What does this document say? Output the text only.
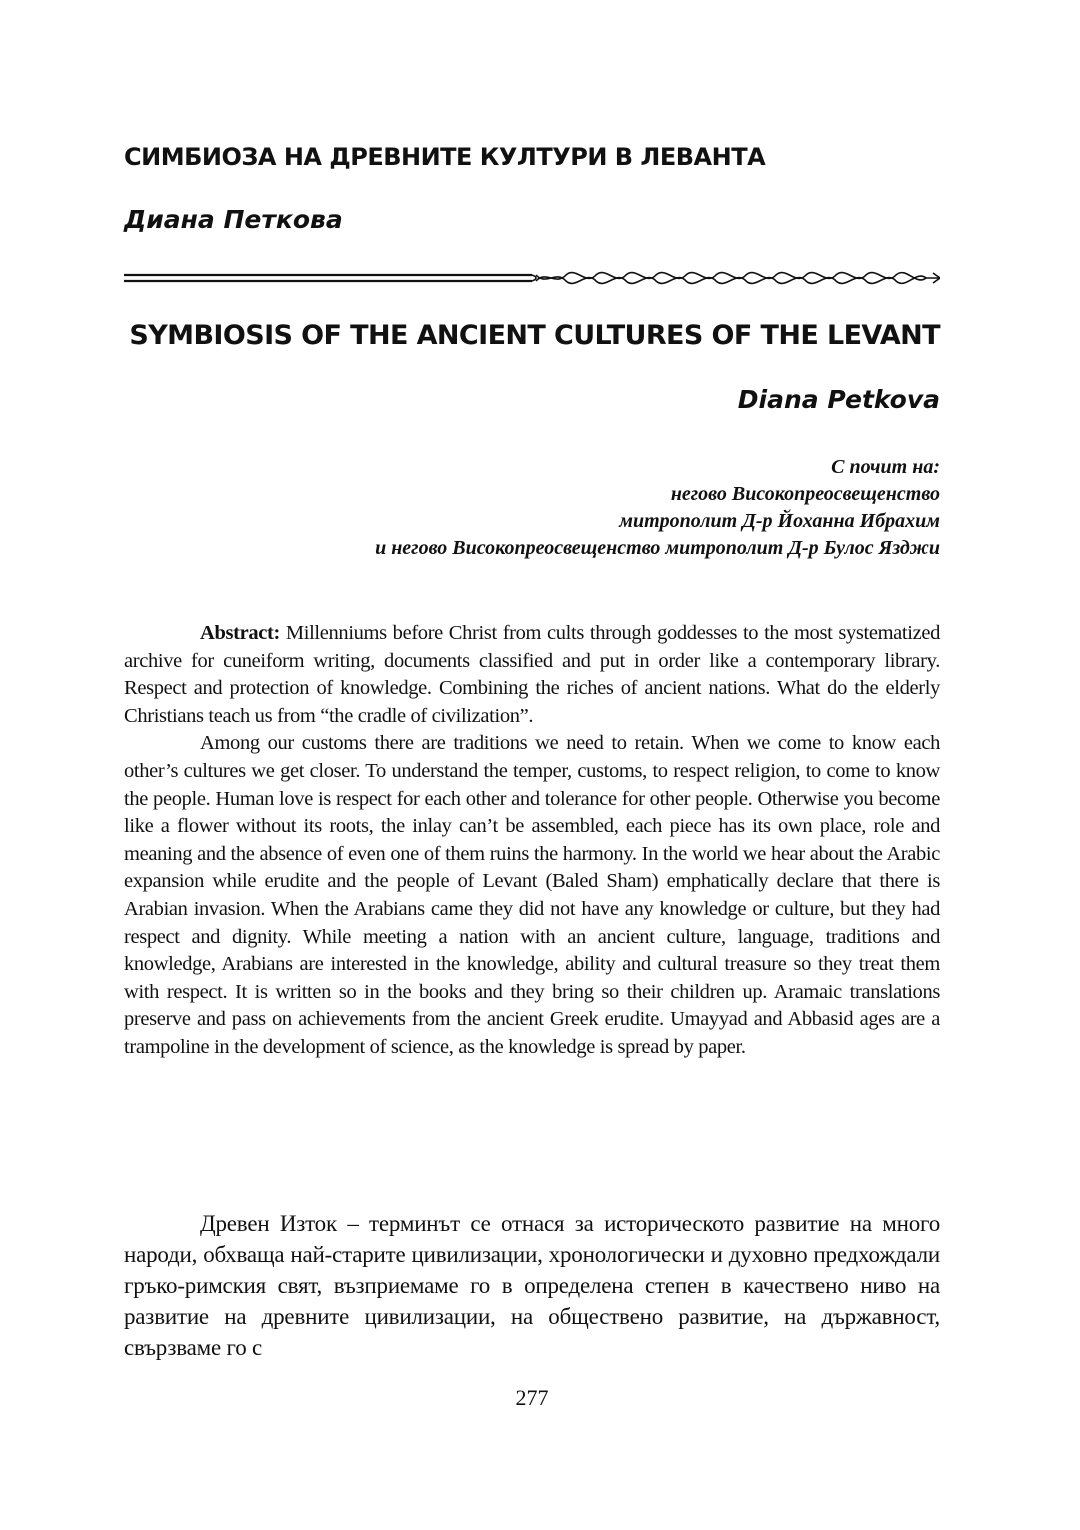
СИМБИОЗА НА ДРЕВНИТЕ КУЛТУРИ В ЛЕВАНТА
Диана Петкова
SYMBIOSIS OF THE ANCIENT CULTURES OF THE LEVANT
Diana Petkova
С почит на:
негово Високопреосвещенство
митрополит Д-р Йоханна Ибрахим
и негово Високопреосвещенство митрополит Д-р Булос Язджи

Abstract: Millenniums before Christ from cults through goddesses to the most systematized archive for cuneiform writing, documents classified and put in order like a contemporary library. Respect and protection of knowledge. Combining the riches of ancient nations. What do the elderly Christians teach us from “the cradle of civilization”.

Among our customs there are traditions we need to retain. When we come to know each other’s cultures we get closer. To understand the temper, customs, to respect religion, to come to know the people. Human love is respect for each other and tolerance for other people. Otherwise you become like a flower without its roots, the inlay can’t be assembled, each piece has its own place, role and meaning and the absence of even one of them ruins the harmony. In the world we hear about the Arabic expansion while erudite and the people of Levant (Baled Sham) emphatically declare that there is Arabian invasion. When the Arabians came they did not have any knowledge or culture, but they had respect and dignity. While meeting a nation with an ancient culture, language, traditions and knowledge, Arabians are interested in the knowledge, ability and cultural treasure so they treat them with respect. It is written so in the books and they bring so their children up. Aramaic translations preserve and pass on achievements from the ancient Greek erudite. Umayyad and Abbasid ages are a trampoline in the development of science, as the knowledge is spread by paper.

Древен Изток – терминът се отнася за историческото развитие на много народи, обхваща най-старите цивилизации, хронологически и духовно предхождали гръко-римския свят, възприемаме го в определена степен в качествено ниво на развитие на древните цивилизации, на обществено развитие, на държавност, свързваме го с

277
